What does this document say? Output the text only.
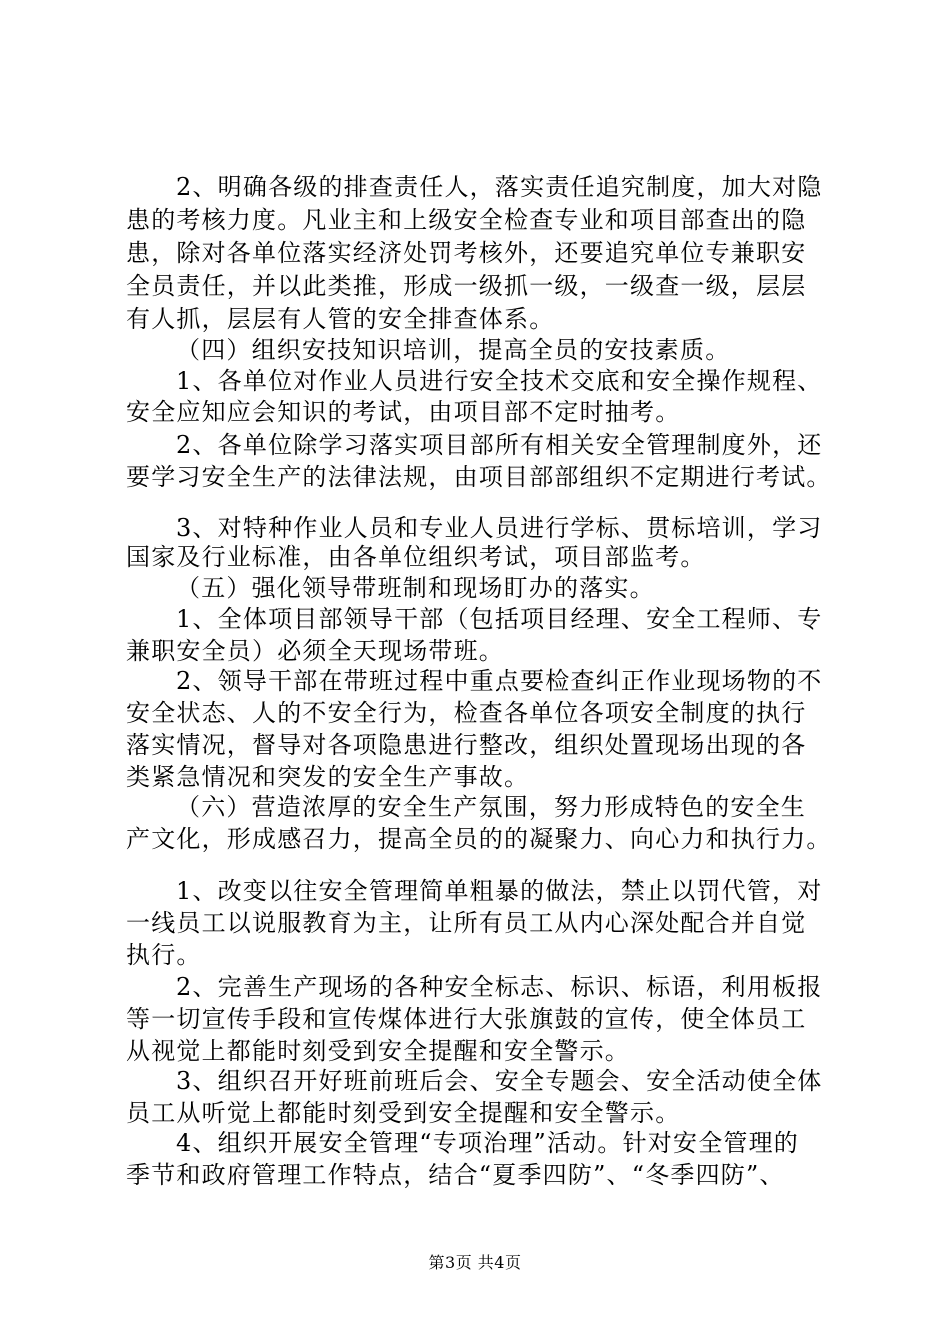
2、明确各级的排查责任人，落实责任追究制度，加大对隐
患的考核力度。凡业主和上级安全检查专业和项目部查出的隐
患，除对各单位落实经济处罚考核外，还要追究单位专兼职安
全员责任，并以此类推，形成一级抓一级，一级查一级，层层
有人抓，层层有人管的安全排查体系。
（四）组织安技知识培训，提高全员的安技素质。
1、各单位对作业人员进行安全技术交底和安全操作规程、
安全应知应会知识的考试，由项目部不定时抽考。
2、各单位除学习落实项目部所有相关安全管理制度外，还
要学习安全生产的法律法规，由项目部部组织不定期进行考试。
3、对特种作业人员和专业人员进行学标、贯标培训，学习
国家及行业标准，由各单位组织考试，项目部监考。
（五）强化领导带班制和现场盯办的落实。
1、全体项目部领导干部（包括项目经理、安全工程师、专
兼职安全员）必须全天现场带班。
2、领导干部在带班过程中重点要检查纠正作业现场物的不
安全状态、人的不安全行为，检查各单位各项安全制度的执行
落实情况，督导对各项隐患进行整改，组织处置现场出现的各
类紧急情况和突发的安全生产事故。
（六）营造浓厚的安全生产氛围，努力形成特色的安全生
产文化，形成感召力，提高全员的的凝聚力、向心力和执行力。
1、改变以往安全管理简单粗暴的做法，禁止以罚代管，对
一线员工以说服教育为主，让所有员工从内心深处配合并自觉
执行。
2、完善生产现场的各种安全标志、标识、标语，利用板报
等一切宣传手段和宣传煤体进行大张旗鼓的宣传，使全体员工
从视觉上都能时刻受到安全提醒和安全警示。
3、组织召开好班前班后会、安全专题会、安全活动使全体
员工从听觉上都能时刻受到安全提醒和安全警示。
4、组织开展安全管理“专项治理”活动。针对安全管理的
季节和政府管理工作特点，结合“夏季四防”、“冬季四防”、
第3页 共4页
